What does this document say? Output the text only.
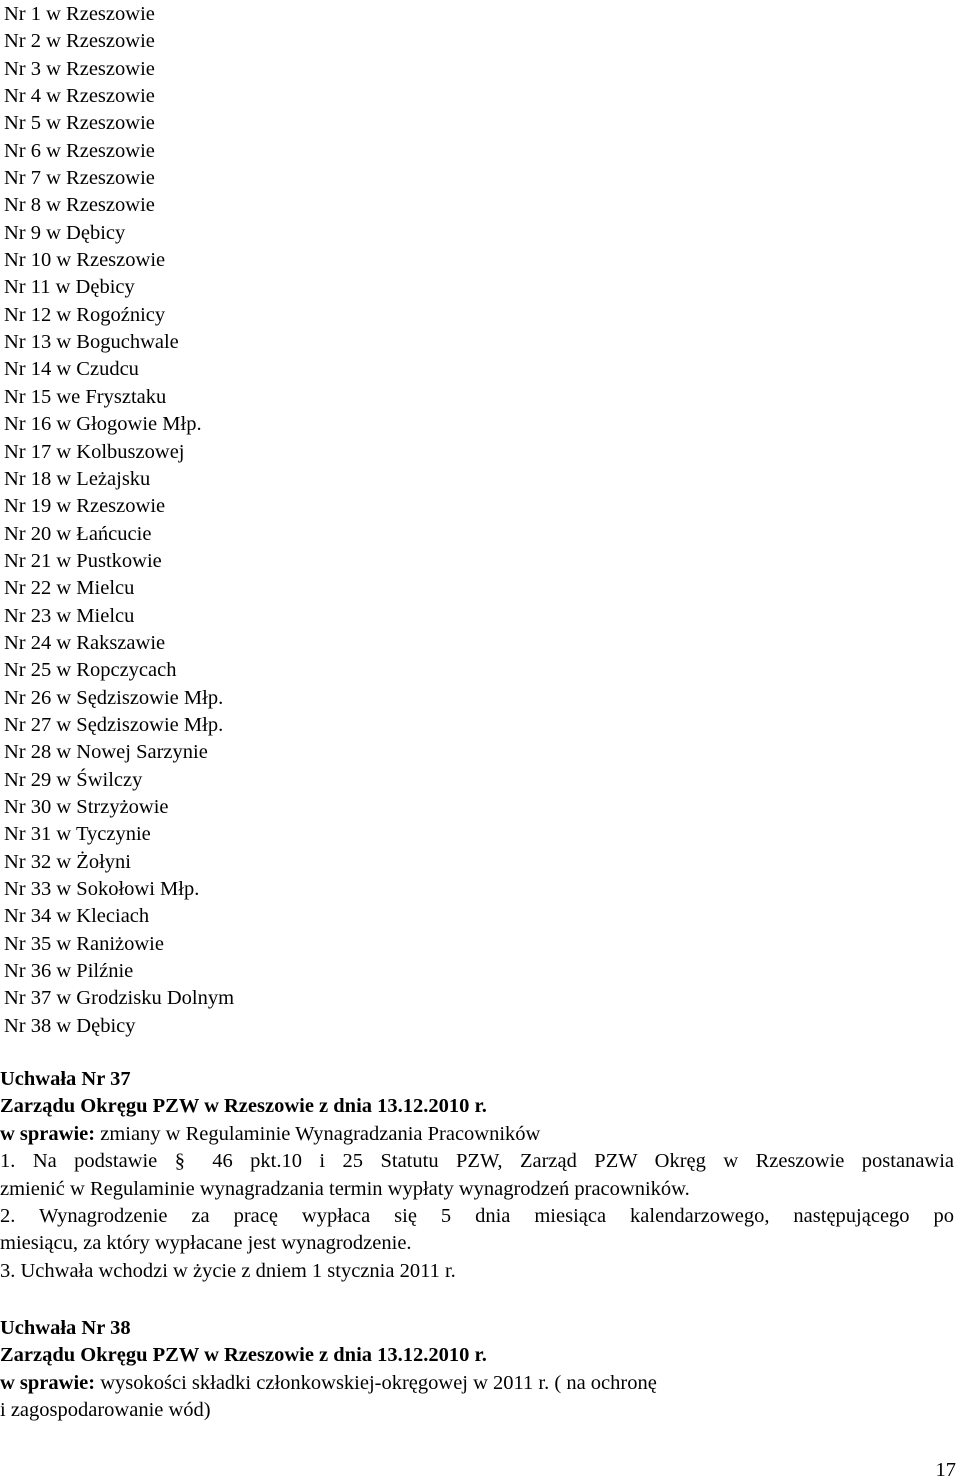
Nr 1 w Rzeszowie
Nr 2 w Rzeszowie
Nr 3 w Rzeszowie
Nr 4 w Rzeszowie
Nr 5 w Rzeszowie
Nr 6 w Rzeszowie
Nr 7 w Rzeszowie
Nr 8 w Rzeszowie
Nr 9 w Dębicy
Nr 10 w Rzeszowie
Nr 11 w Dębicy
Nr 12 w Rogoźnicy
Nr 13 w Boguchwale
Nr 14 w Czudcu
Nr 15 we Frysztaku
Nr 16 w Głogowie Młp.
Nr 17 w Kolbuszowej
Nr 18 w Leżajsku
Nr 19 w Rzeszowie
Nr 20 w Łańcucie
Nr 21 w Pustkowie
Nr 22 w Mielcu
Nr 23 w Mielcu
Nr 24 w Rakszawie
Nr 25 w Ropczycach
Nr 26 w Sędziszowie Młp.
Nr 27 w Sędziszowie Młp.
Nr 28 w Nowej Sarzynie
Nr 29 w Świlczy
Nr 30 w Strzyżowie
Nr 31 w Tyczynie
Nr 32 w Żołyni
Nr 33 w Sokołowi Młp.
Nr 34 w Kleciach
Nr 35 w Raniżowie
Nr 36 w Pilźnie
Nr 37 w Grodzisku Dolnym
Nr 38 w Dębicy
Uchwała Nr 37
Zarządu Okręgu PZW w Rzeszowie z dnia 13.12.2010 r.
w sprawie: zmiany w Regulaminie Wynagradzania Pracowników
1. Na podstawie § 46 pkt.10 i 25 Statutu PZW, Zarząd PZW Okręg w Rzeszowie postanawia
zmienić w Regulaminie wynagradzania termin wypłaty wynagrodzeń pracowników.
2. Wynagrodzenie za pracę wypłaca się 5 dnia miesiąca kalendarzowego, następującego po
miesiącu, za który wypłacane jest wynagrodzenie.
3. Uchwała wchodzi w życie z dniem 1 stycznia 2011 r.
Uchwała Nr 38
Zarządu Okręgu PZW w Rzeszowie z dnia 13.12.2010 r.
w sprawie: wysokości składki członkowskiej-okręgowej w 2011 r. ( na ochronę
i zagospodarowanie wód)
17
